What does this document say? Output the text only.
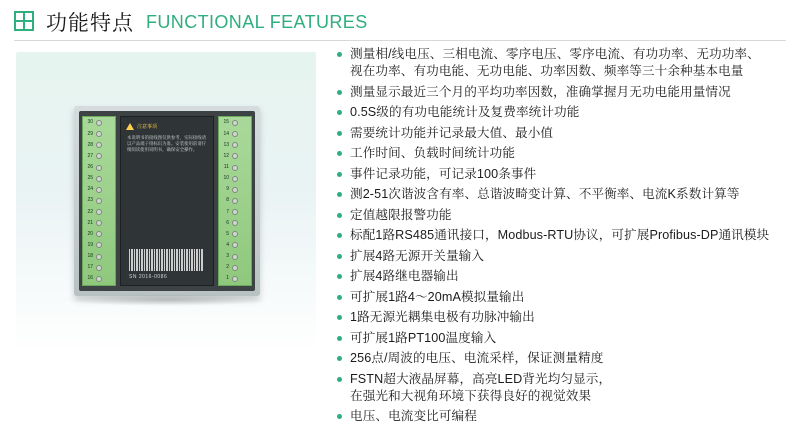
功能特点 FUNCTIONAL FEATURES
30
29
28
27
26
25
24
23
22
21
20
19
18
17
16
注意事项
本说明书的接线图仅供参考，实际接线请以产品端子排标识为准。安装使用前请仔细阅读使用说明书，确保安全操作。
SN 2016-0086
15
14
13
12
11
10
9
8
7
6
5
4
3
2
1
测量相/线电压、三相电流、零序电压、零序电流、有功功率、无功功率、
视在功率、有功电能、无功电能、功率因数、频率等三十余种基本电量
测量显示最近三个月的平均功率因数，准确掌握月无功电能用量情况
0.5S级的有功电能统计及复费率统计功能
需要统计功能并记录最大值、最小值
工作时间、负载时间统计功能
事件记录功能，可记录100条事件
测2-51次谐波含有率、总谐波畸变计算、不平衡率、电流K系数计算等
定值越限报警功能
标配1路RS485通讯接口，Modbus-RTU协议，可扩展Profibus-DP通讯模块
扩展4路无源开关量输入
扩展4路继电器输出
可扩展1路4～20mA模拟量输出
1路无源光耦集电极有功脉冲输出
可扩展1路PT100温度输入
256点/周波的电压、电流采样，保证测量精度
FSTN超大液晶屏幕，高亮LED背光均匀显示，
在强光和大视角环境下获得良好的视觉效果
电压、电流变比可编程
